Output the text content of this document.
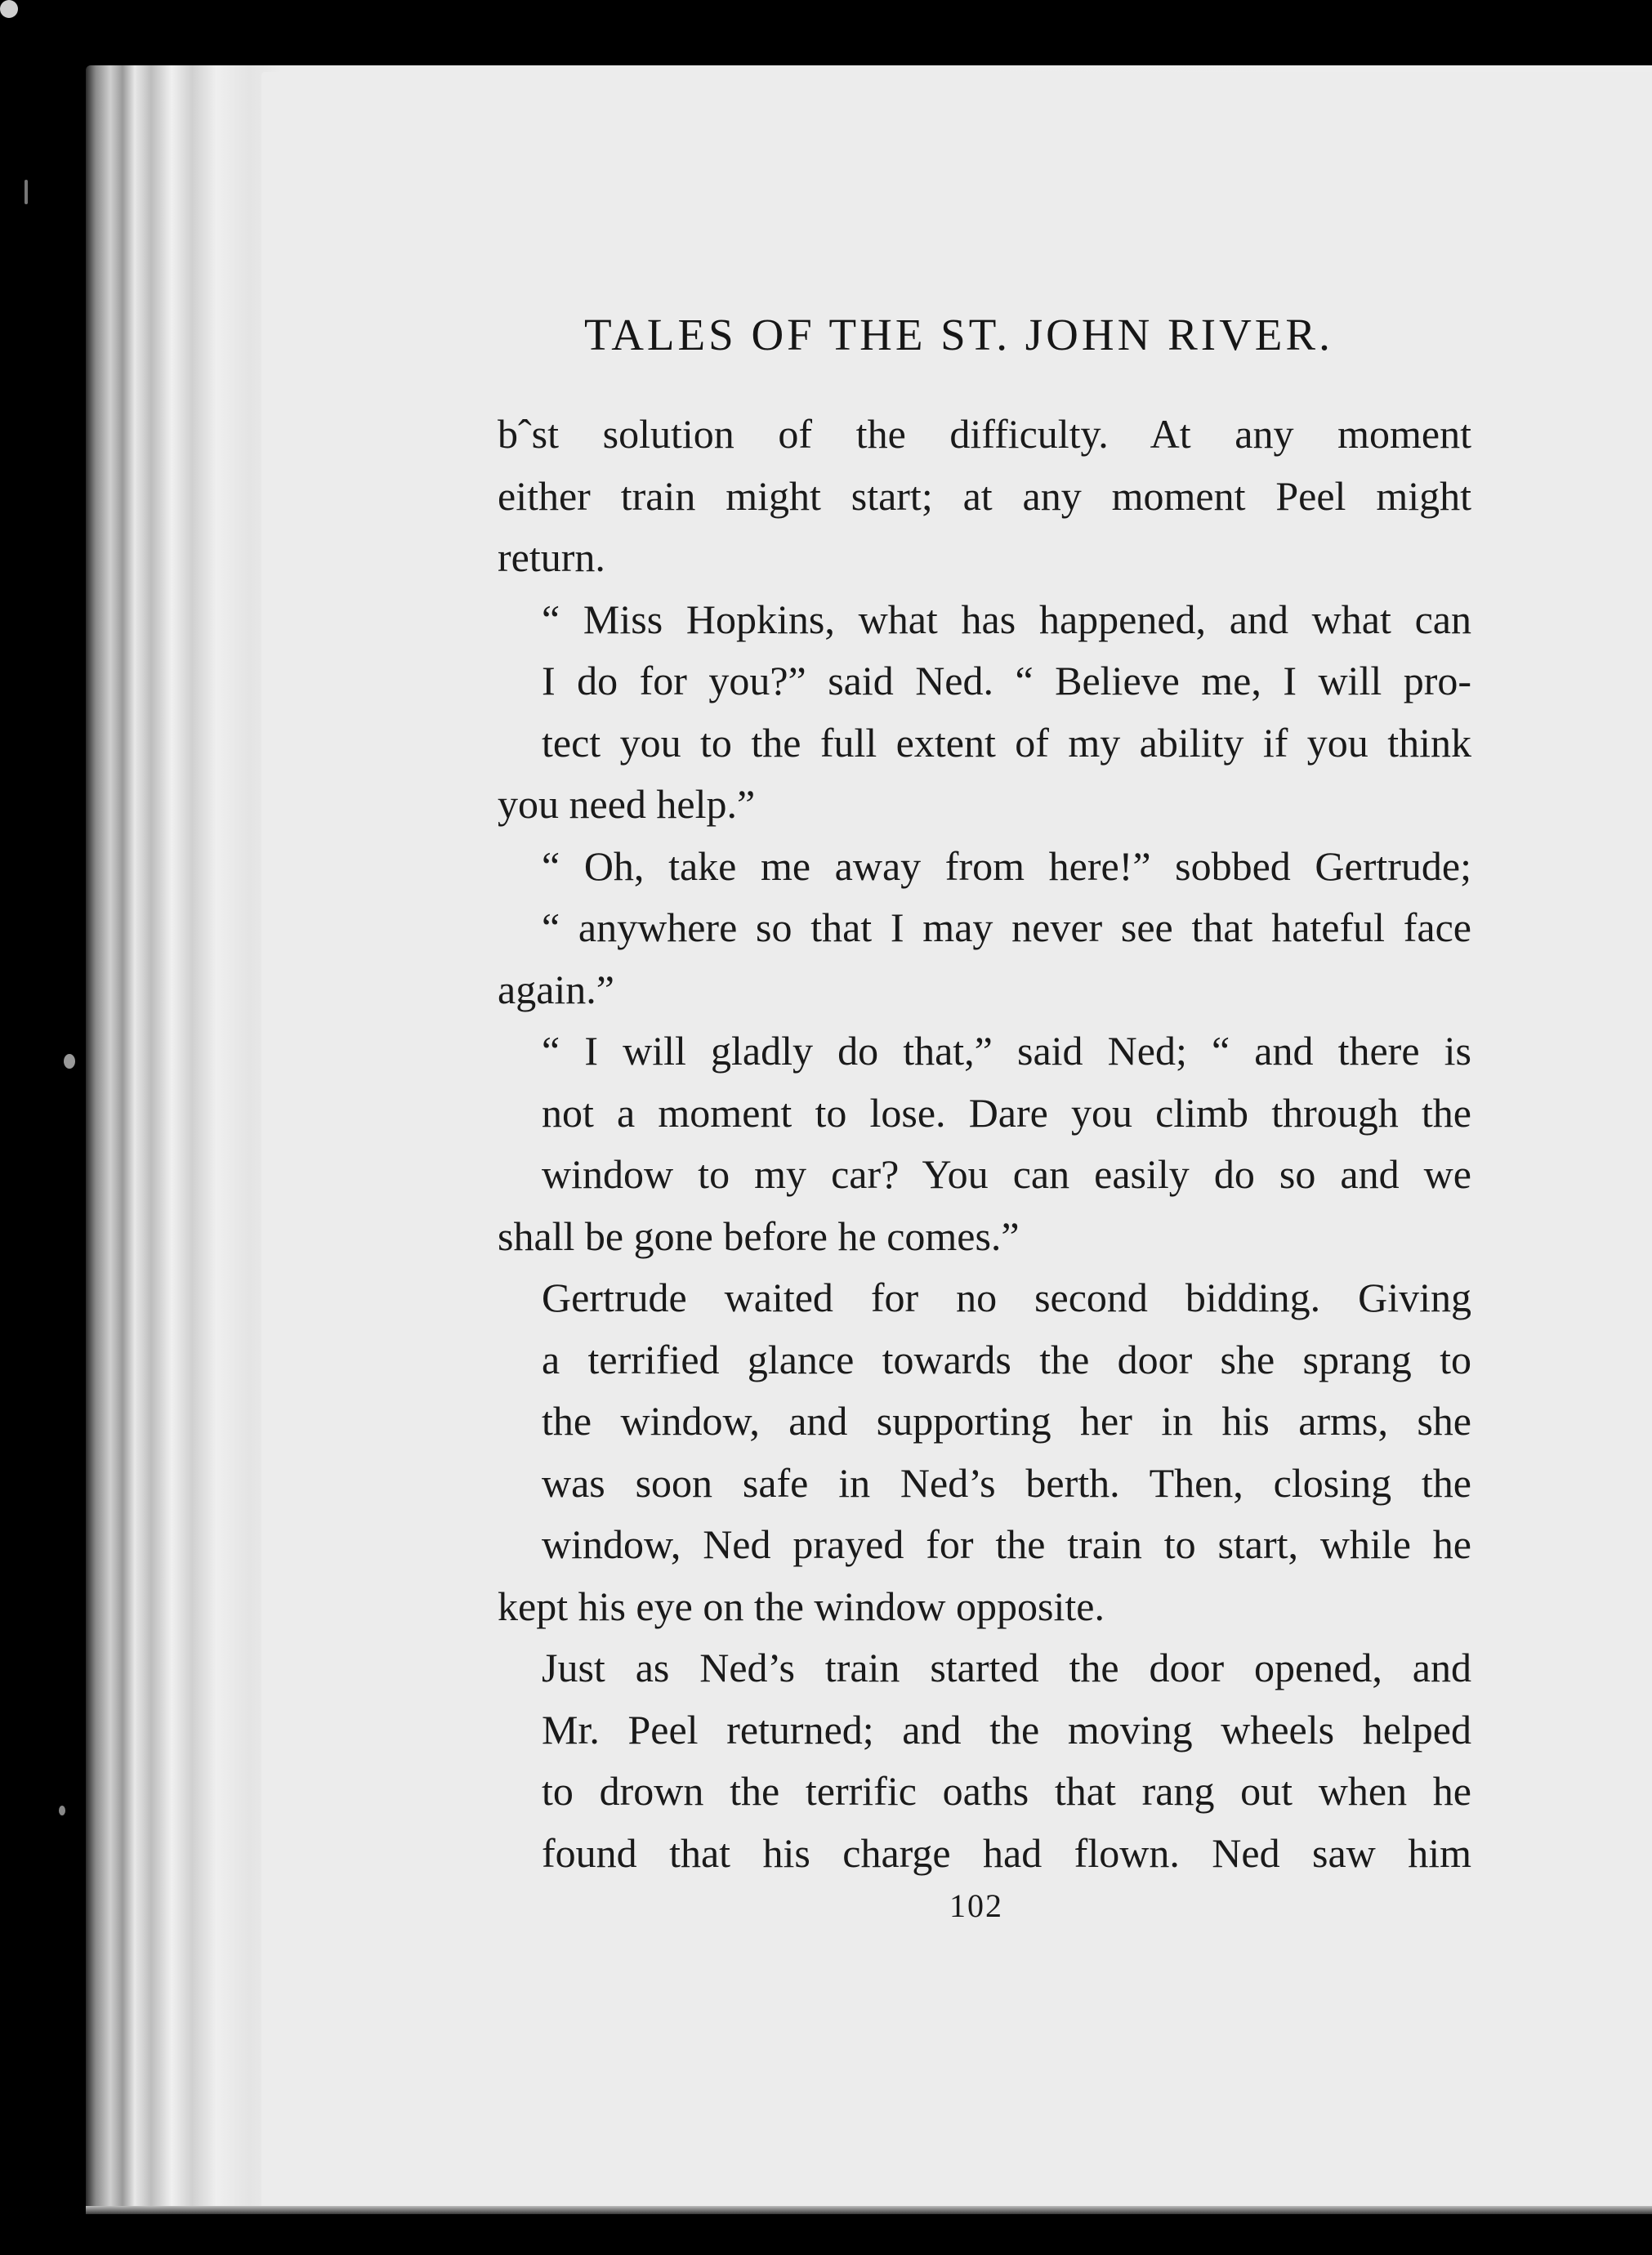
TALES OF THE ST. JOHN RIVER.

bˆst solution of the difficulty. At any moment
either train might start; at any moment Peel might

return.

“ Miss Hopkins, what has happened, and what can
I do for you?” said Ned. “ Believe me, I will pro-
tect you to the full extent of my ability if you think

you need help.”

“ Oh, take me away from here!” sobbed Gertrude;
“ anywhere so that I may never see that hateful face

again.”

“ I will gladly do that,” said Ned; “ and there is
not a moment to lose. Dare you climb through the
window to my car? You can easily do so and we

shall be gone before he comes.”

Gertrude waited for no second bidding. Giving
a terrified glance towards the door she sprang to
the window, and supporting her in his arms, she
was soon safe in Ned’s berth. Then, closing the
window, Ned prayed for the train to start, while he

kept his eye on the window opposite.

Just as Ned’s train started the door opened, and
Mr. Peel returned; and the moving wheels helped
to drown the terrific oaths that rang out when he
found that his charge had flown. Ned saw him

102
